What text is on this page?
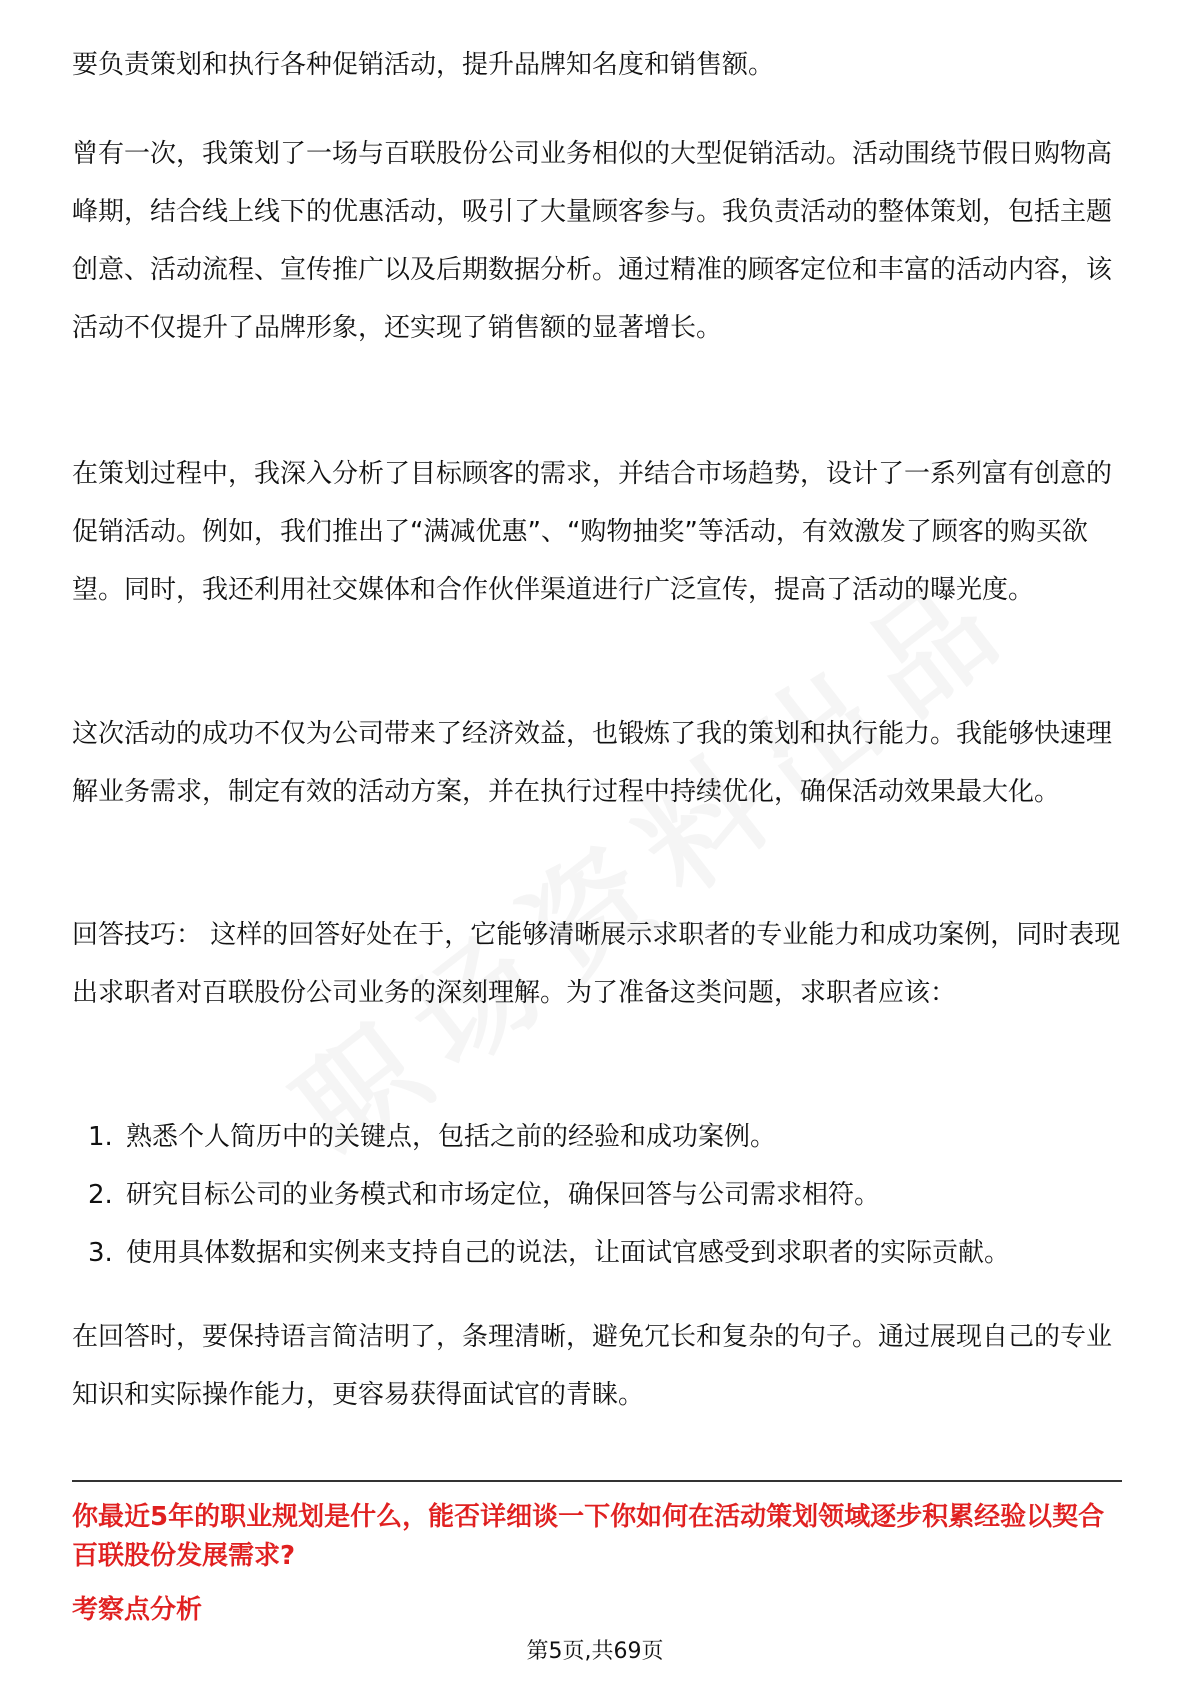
要负责策划和执行各种促销活动，提升品牌知名度和销售额。

曾有一次，我策划了一场与百联股份公司业务相似的大型促销活动。活动围绕节假日购物高峰期，结合线上线下的优惠活动，吸引了大量顾客参与。我负责活动的整体策划，包括主题创意、活动流程、宣传推广以及后期数据分析。通过精准的顾客定位和丰富的活动内容，该活动不仅提升了品牌形象，还实现了销售额的显著增长。

在策划过程中，我深入分析了目标顾客的需求，并结合市场趋势，设计了一系列富有创意的促销活动。例如，我们推出了“满减优惠”、“购物抽奖”等活动，有效激发了顾客的购买欲望。同时，我还利用社交媒体和合作伙伴渠道进行广泛宣传，提高了活动的曝光度。

这次活动的成功不仅为公司带来了经济效益，也锻炼了我的策划和执行能力。我能够快速理解业务需求，制定有效的活动方案，并在执行过程中持续优化，确保活动效果最大化。

回答技巧： 这样的回答好处在于，它能够清晰展示求职者的专业能力和成功案例，同时表现出求职者对百联股份公司业务的深刻理解。为了准备这类问题，求职者应该：

1. 熟悉个人简历中的关键点，包括之前的经验和成功案例。
2. 研究目标公司的业务模式和市场定位，确保回答与公司需求相符。
3. 使用具体数据和实例来支持自己的说法，让面试官感受到求职者的实际贡献。

在回答时，要保持语言简洁明了，条理清晰，避免冗长和复杂的句子。通过展现自己的专业知识和实际操作能力，更容易获得面试官的青睐。

你最近5年的职业规划是什么，能否详细谈一下你如何在活动策划领域逐步积累经验以契合百联股份发展需求?

考察点分析

第5页,共69页
